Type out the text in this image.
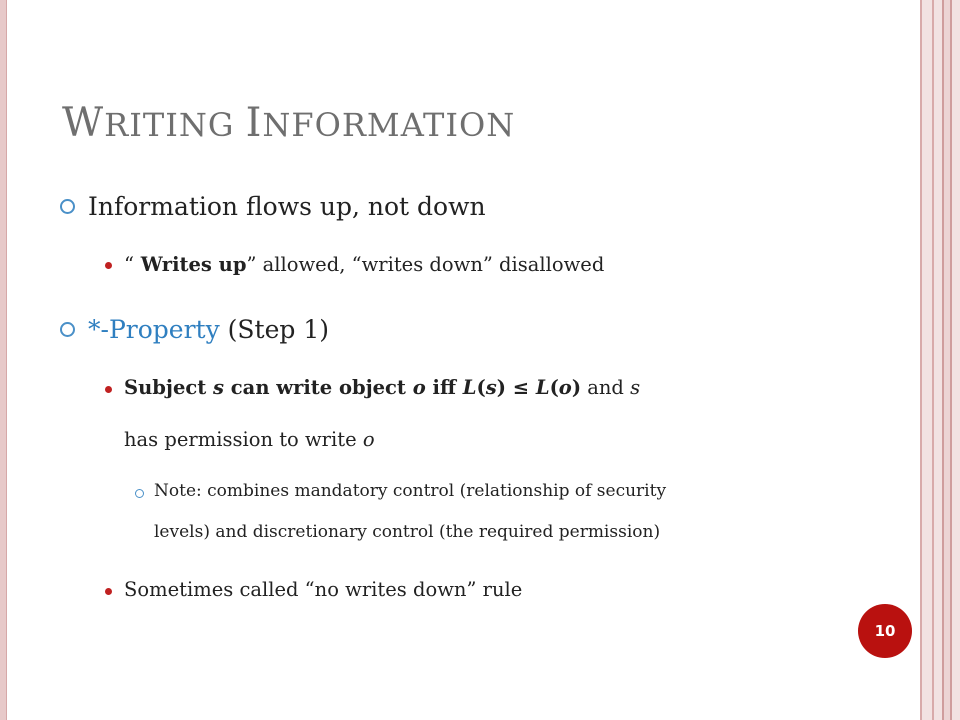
WRITING INFORMATION
Information flows up, not down
“ Writes up” allowed, “writes down” disallowed
*-Property (Step 1)
Subject s can write object o iff L(s) ≤ L(o) and s
has permission to write o
Note: combines mandatory control (relationship of security
levels) and discretionary control (the required permission)
Sometimes called “no writes down” rule
10
